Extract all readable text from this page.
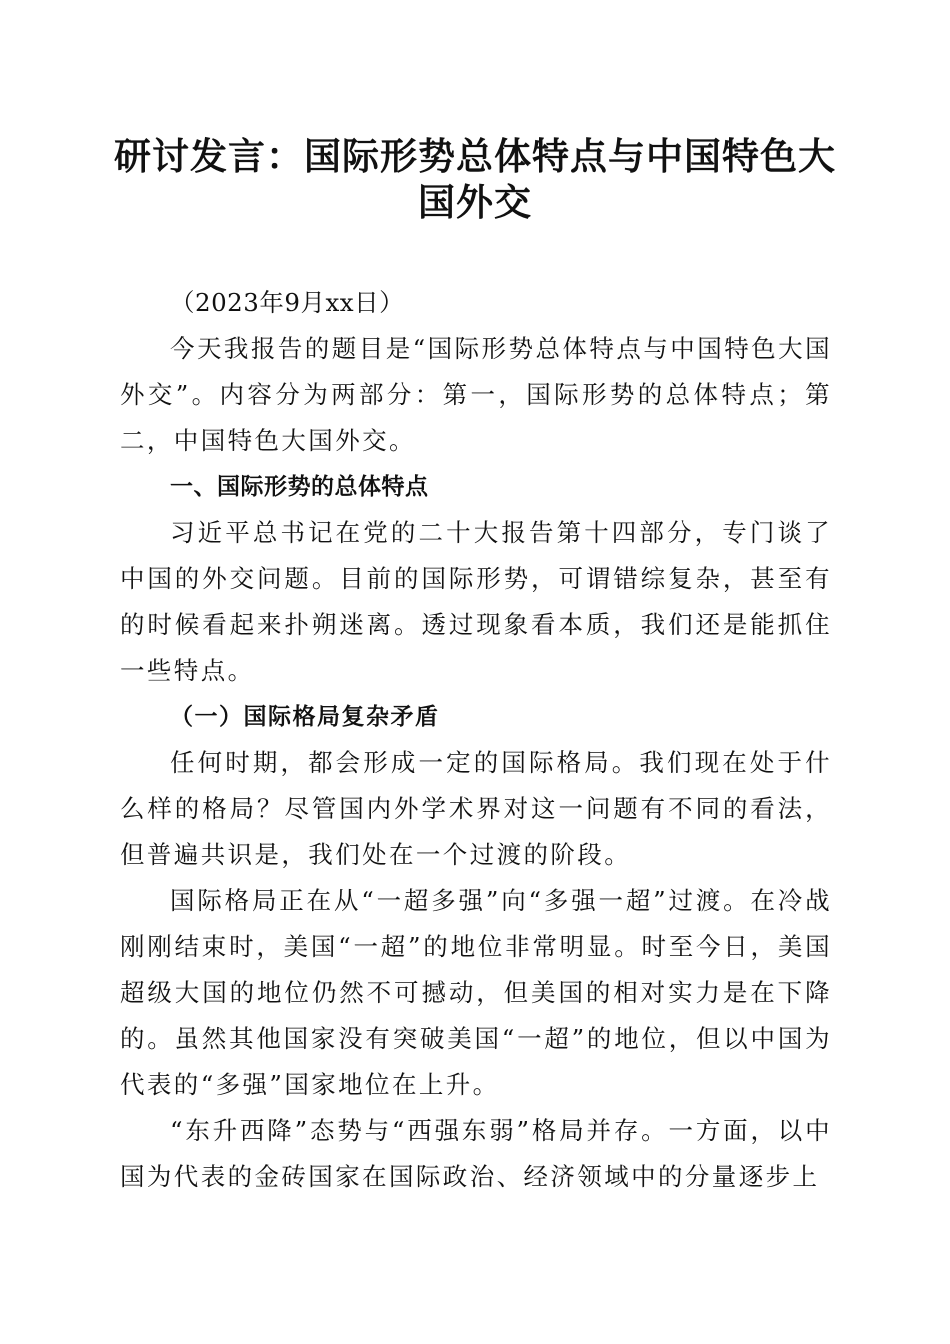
研讨发言：国际形势总体特点与中国特色大国外交

（2023年9月xx日）

今天我报告的题目是“国际形势总体特点与中国特色大国外交”。内容分为两部分：第一，国际形势的总体特点；第二，中国特色大国外交。

一、国际形势的总体特点

习近平总书记在党的二十大报告第十四部分，专门谈了中国的外交问题。目前的国际形势，可谓错综复杂，甚至有的时候看起来扑朔迷离。透过现象看本质，我们还是能抓住一些特点。

（一）国际格局复杂矛盾

任何时期，都会形成一定的国际格局。我们现在处于什么样的格局？尽管国内外学术界对这一问题有不同的看法，但普遍共识是，我们处在一个过渡的阶段。

国际格局正在从“一超多强”向“多强一超”过渡。在冷战刚刚结束时，美国“一超”的地位非常明显。时至今日，美国超级大国的地位仍然不可撼动，但美国的相对实力是在下降的。虽然其他国家没有突破美国“一超”的地位，但以中国为代表的“多强”国家地位在上升。

“东升西降”态势与“西强东弱”格局并存。一方面，以中国为代表的金砖国家在国际政治、经济领域中的分量逐步上
